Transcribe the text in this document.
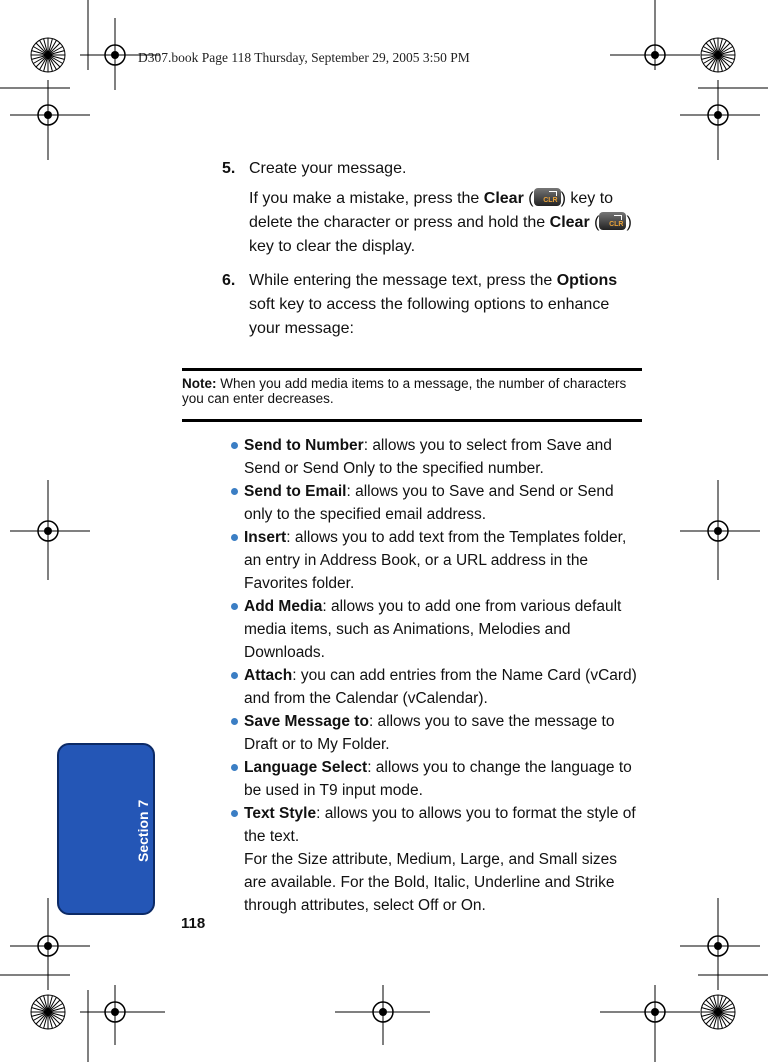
D307.book Page 118 Thursday, September 29, 2005 3:50 PM
5. Create your message.
If you make a mistake, press the Clear ( CLR ) key to delete the character or press and hold the Clear ( CLR ) key to clear the display.
6. While entering the message text, press the Options soft key to access the following options to enhance your message:
Note: When you add media items to a message, the number of characters you can enter decreases.
Send to Number: allows you to select from Save and Send or Send Only to the specified number.
Send to Email: allows you to Save and Send or Send only to the specified email address.
Insert: allows you to add text from the Templates folder, an entry in Address Book, or a URL address in the Favorites folder.
Add Media: allows you to add one from various default media items, such as Animations, Melodies and Downloads.
Attach: you can add entries from the Name Card (vCard) and from the Calendar (vCalendar).
Save Message to: allows you to save the message to Draft or to My Folder.
Language Select: allows you to change the language to be used in T9 input mode.
Text Style: allows you to allows you to format the style of the text.
For the Size attribute, Medium, Large, and Small sizes are available. For the Bold, Italic, Underline and Strike through attributes, select Off or On.
Section 7
118
